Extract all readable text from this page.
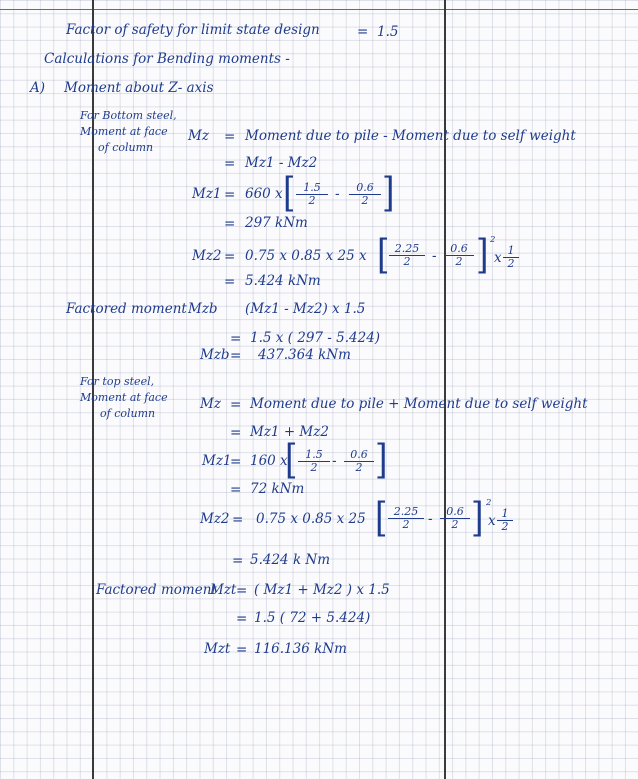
Factor of safety for limit state design	= 1.5
Calculations for Bending moments -
A) Moment about Z- axis
For Bottom steel,
Moment at face
of column
Mz = Moment due to pile - Moment due to self weight
= Mz1 - Mz2
Mz1 = 660 x [ 1.5
2	-	0.6
2 ]
= 297 kNm
Mz2 = 0.75 x 0.85 x 25 x [ 2.25
2	-	0.6
2 ] 2
x 1
2
= 5.424 kNm
Factored moment Mzb (Mz1 - Mz2) x 1.5
= 1.5 x ( 297 - 5.424)
Mzb = 437.364 kNm
For top steel,
Moment at face
of column
Mz = Moment due to pile + Moment due to self weight
= Mz1 + Mz2
Mz1
= 160 x
[ 1.5
2	-	0.6
2 ]
= 72 kNm
Mz2 = 0.75 x 0.85 x 25 [ 2.25
2	-	0.6
2 ] 2
x 1
2
= 5.424 k Nm
Factored moment
Mzt = ( Mz1 + Mz2 ) x 1.5
= 1.5 ( 72 + 5.424)
Mzt = 116.136 kNm
